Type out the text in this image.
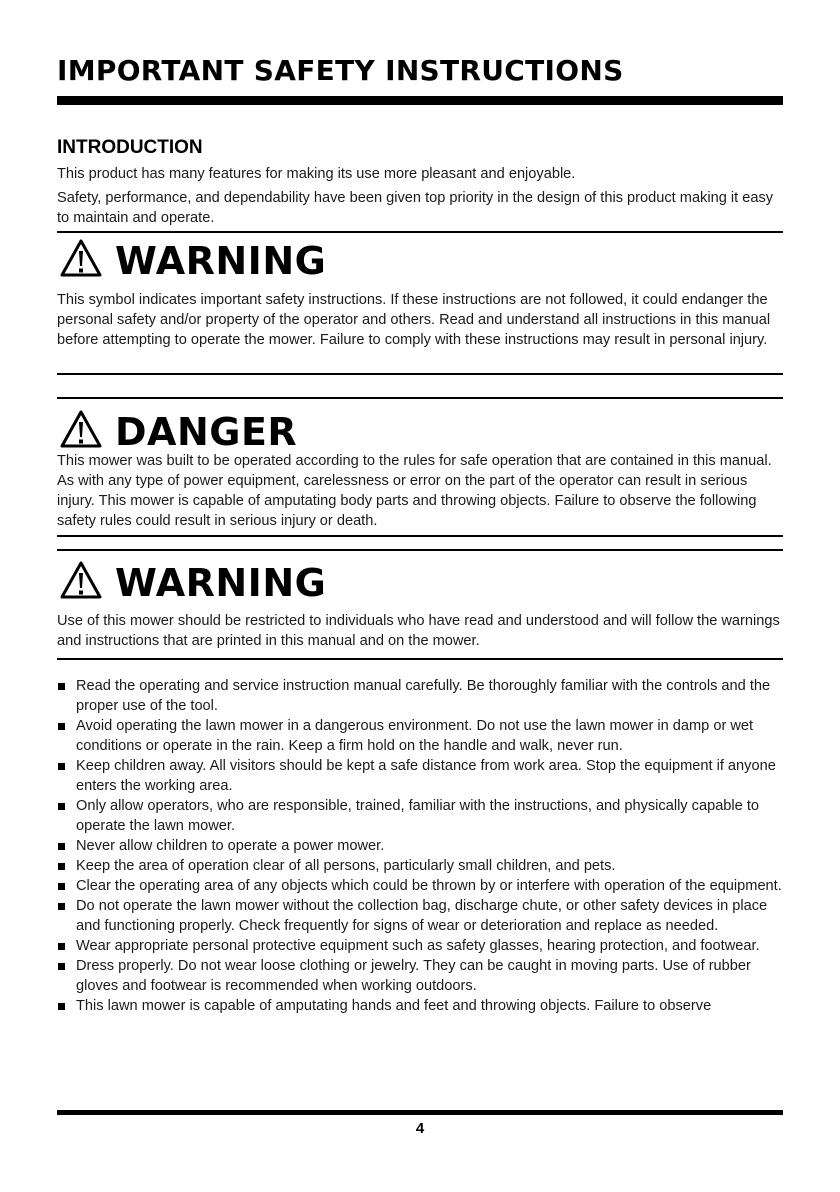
IMPORTANT SAFETY INSTRUCTIONS
INTRODUCTION

This product has many features for making its use more pleasant and enjoyable.

Safety, performance, and dependability have been given top priority in the design of this product making it easy to maintain and operate.

WARNING

This symbol indicates important safety instructions. If these instructions are not followed, it could endanger the personal safety and/or property of the operator and others. Read and understand all instructions in this manual before attempting to operate the mower. Failure to comply with these instructions may result in personal injury.

DANGER

This mower was built to be operated according to the rules for safe operation that are contained in this manual. As with any type of power equipment, carelessness or error on the part of the operator can result in serious injury. This mower is capable of amputating body parts and throwing objects. Failure to observe the following safety rules could result in serious injury or death.

WARNING

Use of this mower should be restricted to individuals who have read and understood and will follow the warnings and instructions that are printed in this manual and on the mower.

Read the operating and service instruction manual carefully. Be thoroughly familiar with the controls and the proper use of the tool.
Avoid operating the lawn mower in a dangerous environment. Do not use the lawn mower in damp or wet conditions or operate in the rain. Keep a firm hold on the handle and walk, never run.
Keep children away. All visitors should be kept a safe distance from work area. Stop the equipment if anyone enters the working area.
Only allow operators, who are responsible, trained, familiar with the instructions, and physically capable to operate the lawn mower.
Never allow children to operate a power mower.
Keep the area of operation clear of all persons, particularly small children, and pets.
Clear the operating area of any objects which could be thrown by or interfere with operation of the equipment.
Do not operate the lawn mower without the collection bag, discharge chute, or other safety devices in place and functioning properly. Check frequently for signs of wear or deterioration and replace as needed.
Wear appropriate personal protective equipment such as safety glasses, hearing protection, and footwear.
Dress properly. Do not wear loose clothing or jewelry. They can be caught in moving parts. Use of rubber gloves and footwear is recommended when working outdoors.
This lawn mower is capable of amputating hands and feet and throwing objects. Failure to observe
4
